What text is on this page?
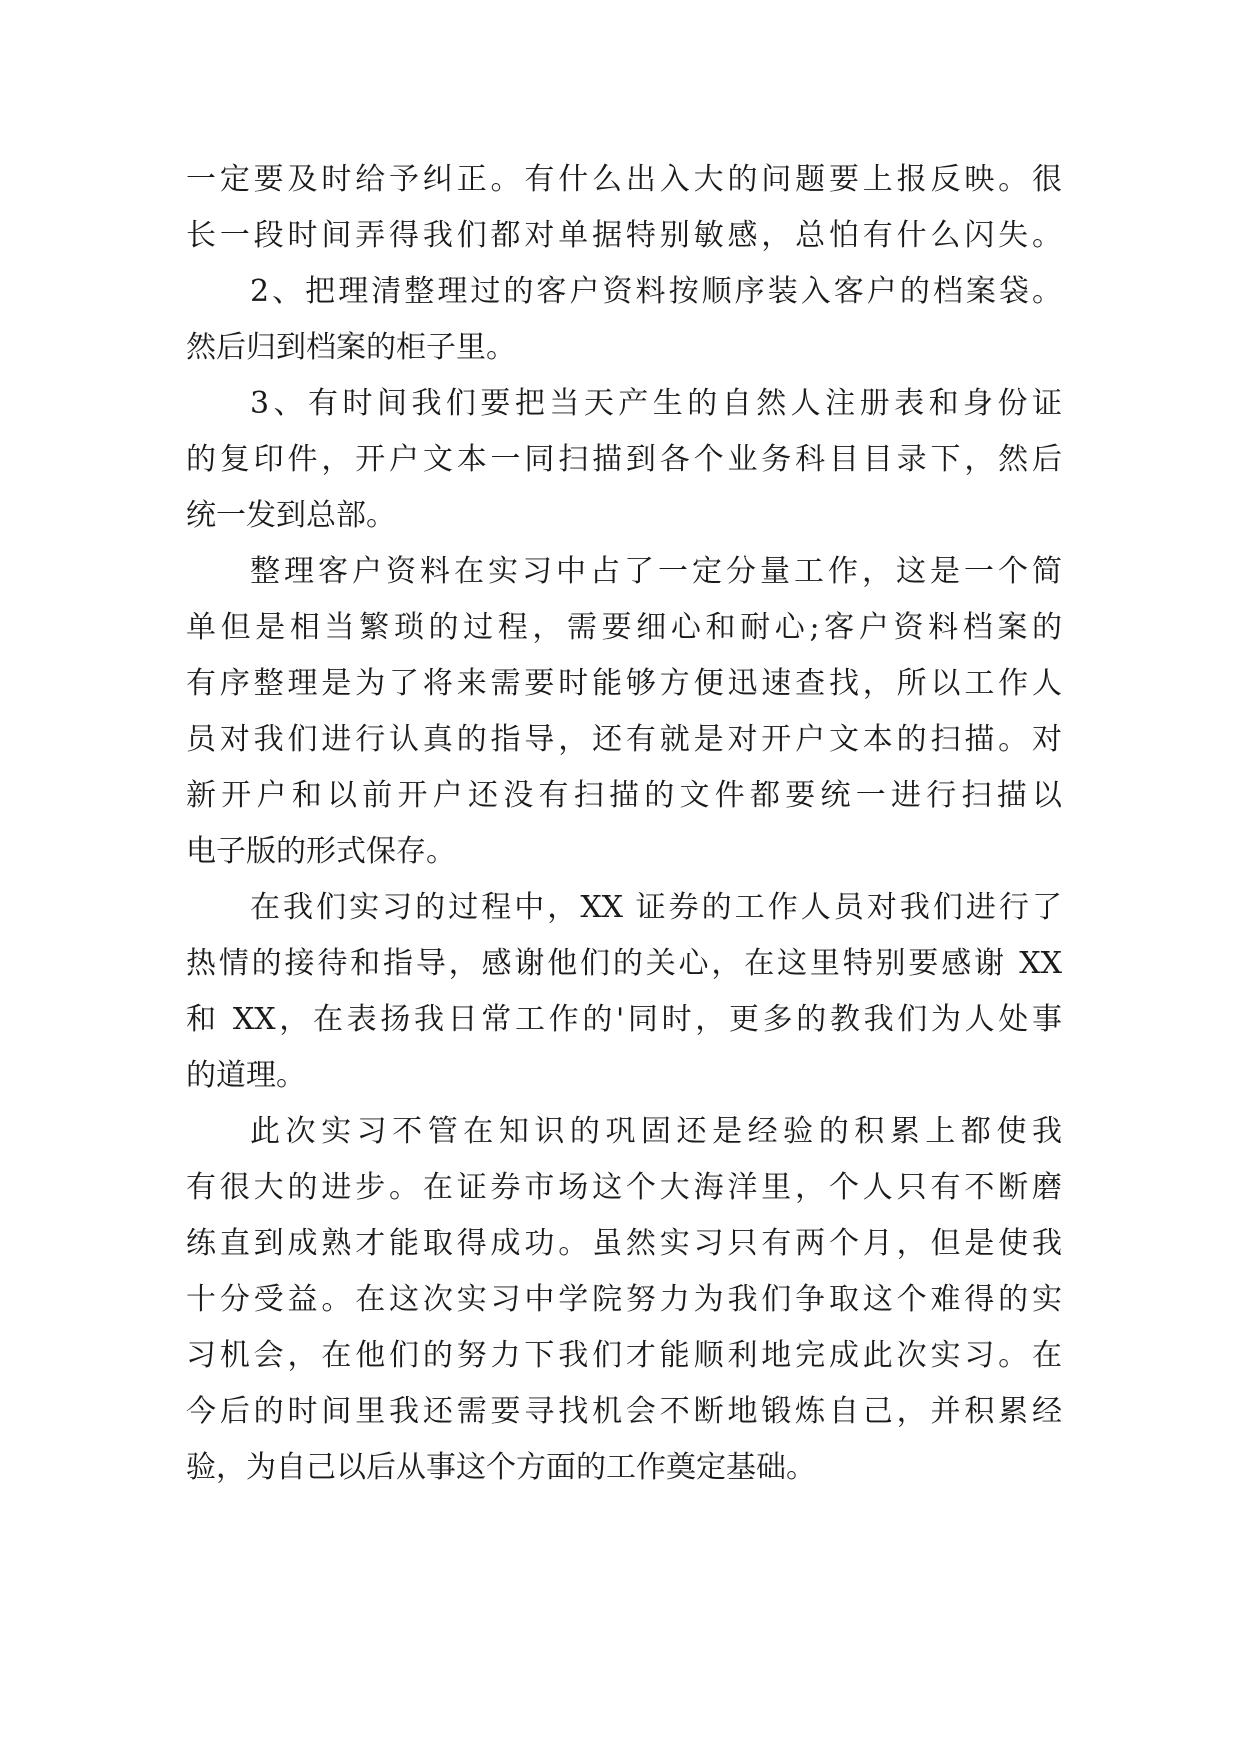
一定要及时给予纠正。有什么出入大的问题要上报反映。很
长一段时间弄得我们都对单据特别敏感，总怕有什么闪失。
2、把理清整理过的客户资料按顺序装入客户的档案袋。
然后归到档案的柜子里。
3、有时间我们要把当天产生的自然人注册表和身份证
的复印件，开户文本一同扫描到各个业务科目目录下，然后
统一发到总部。
整理客户资料在实习中占了一定分量工作，这是一个简
单但是相当繁琐的过程，需要细心和耐心;客户资料档案的
有序整理是为了将来需要时能够方便迅速查找，所以工作人
员对我们进行认真的指导，还有就是对开户文本的扫描。对
新开户和以前开户还没有扫描的文件都要统一进行扫描以
电子版的形式保存。
在我们实习的过程中，XX 证券的工作人员对我们进行了
热情的接待和指导，感谢他们的关心，在这里特别要感谢 XX
和 XX，在表扬我日常工作的'同时，更多的教我们为人处事
的道理。
此次实习不管在知识的巩固还是经验的积累上都使我
有很大的进步。在证券市场这个大海洋里，个人只有不断磨
练直到成熟才能取得成功。虽然实习只有两个月，但是使我
十分受益。在这次实习中学院努力为我们争取这个难得的实
习机会，在他们的努力下我们才能顺利地完成此次实习。在
今后的时间里我还需要寻找机会不断地锻炼自己，并积累经
验，为自己以后从事这个方面的工作奠定基础。
